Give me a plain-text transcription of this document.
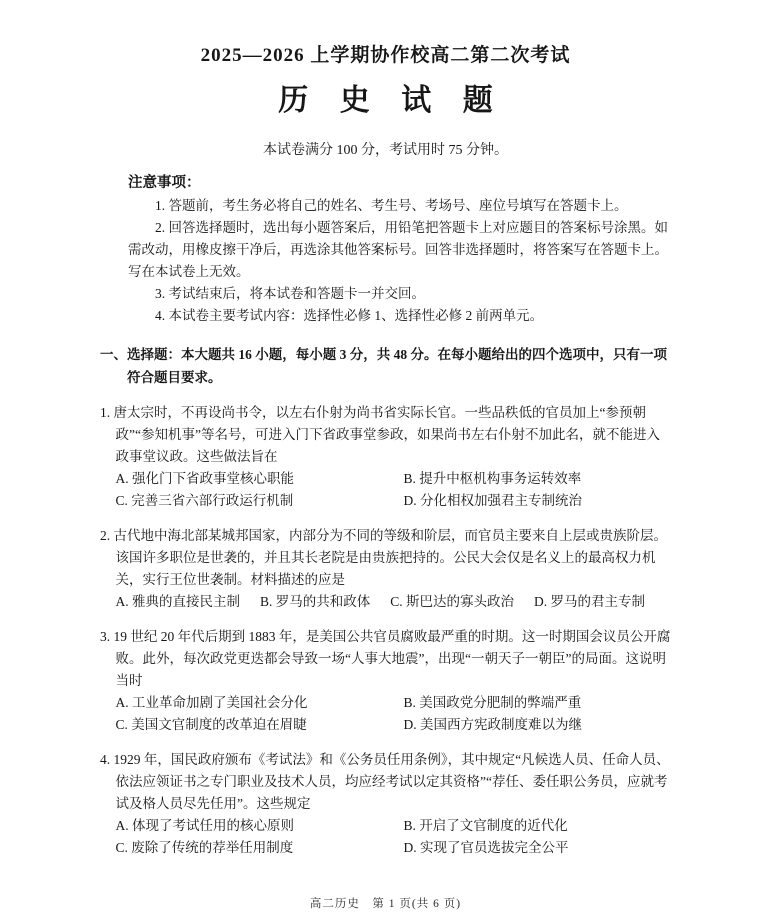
2025—2026 上学期协作校高二第二次考试
历 史 试 题
本试卷满分 100 分，考试用时 75 分钟。
注意事项：
1. 答题前，考生务必将自己的姓名、考生号、考场号、座位号填写在答题卡上。
2. 回答选择题时，选出每小题答案后，用铅笔把答题卡上对应题目的答案标号涂黑。如需改动，用橡皮擦干净后，再选涂其他答案标号。回答非选择题时，将答案写在答题卡上。写在本试卷上无效。
3. 考试结束后，将本试卷和答题卡一并交回。
4. 本试卷主要考试内容：选择性必修 1、选择性必修 2 前两单元。
一、选择题：本大题共 16 小题，每小题 3 分，共 48 分。在每小题给出的四个选项中，只有一项符合题目要求。
1. 唐太宗时，不再设尚书令，以左右仆射为尚书省实际长官。一些品秩低的官员加上“参预朝政”“参知机事”等名号，可进入门下省政事堂参政，如果尚书左右仆射不加此名，就不能进入政事堂议政。这些做法旨在
A. 强化门下省政事堂核心职能	B. 提升中枢机构事务运转效率
C. 完善三省六部行政运行机制	D. 分化相权加强君主专制统治
2. 古代地中海北部某城邦国家，内部分为不同的等级和阶层，而官员主要来自上层或贵族阶层。该国许多职位是世袭的，并且其长老院是由贵族把持的。公民大会仅是名义上的最高权力机关，实行王位世袭制。材料描述的应是
A. 雅典的直接民主制 B. 罗马的共和政体 C. 斯巴达的寡头政治 D. 罗马的君主专制
3. 19 世纪 20 年代后期到 1883 年，是美国公共官员腐败最严重的时期。这一时期国会议员公开腐败。此外，每次政党更迭都会导致一场“人事大地震”，出现“一朝天子一朝臣”的局面。这说明当时
A. 工业革命加剧了美国社会分化	B. 美国政党分肥制的弊端严重
C. 美国文官制度的改革迫在眉睫	D. 美国西方宪政制度难以为继
4. 1929 年，国民政府颁布《考试法》和《公务员任用条例》，其中规定“凡候选人员、任命人员、依法应领证书之专门职业及技术人员，均应经考试以定其资格”“荐任、委任职公务员，应就考试及格人员尽先任用”。这些规定
A. 体现了考试任用的核心原则	B. 开启了文官制度的近代化
C. 废除了传统的荐举任用制度	D. 实现了官员选拔完全公平
高二历史　第 1 页(共 6 页)
